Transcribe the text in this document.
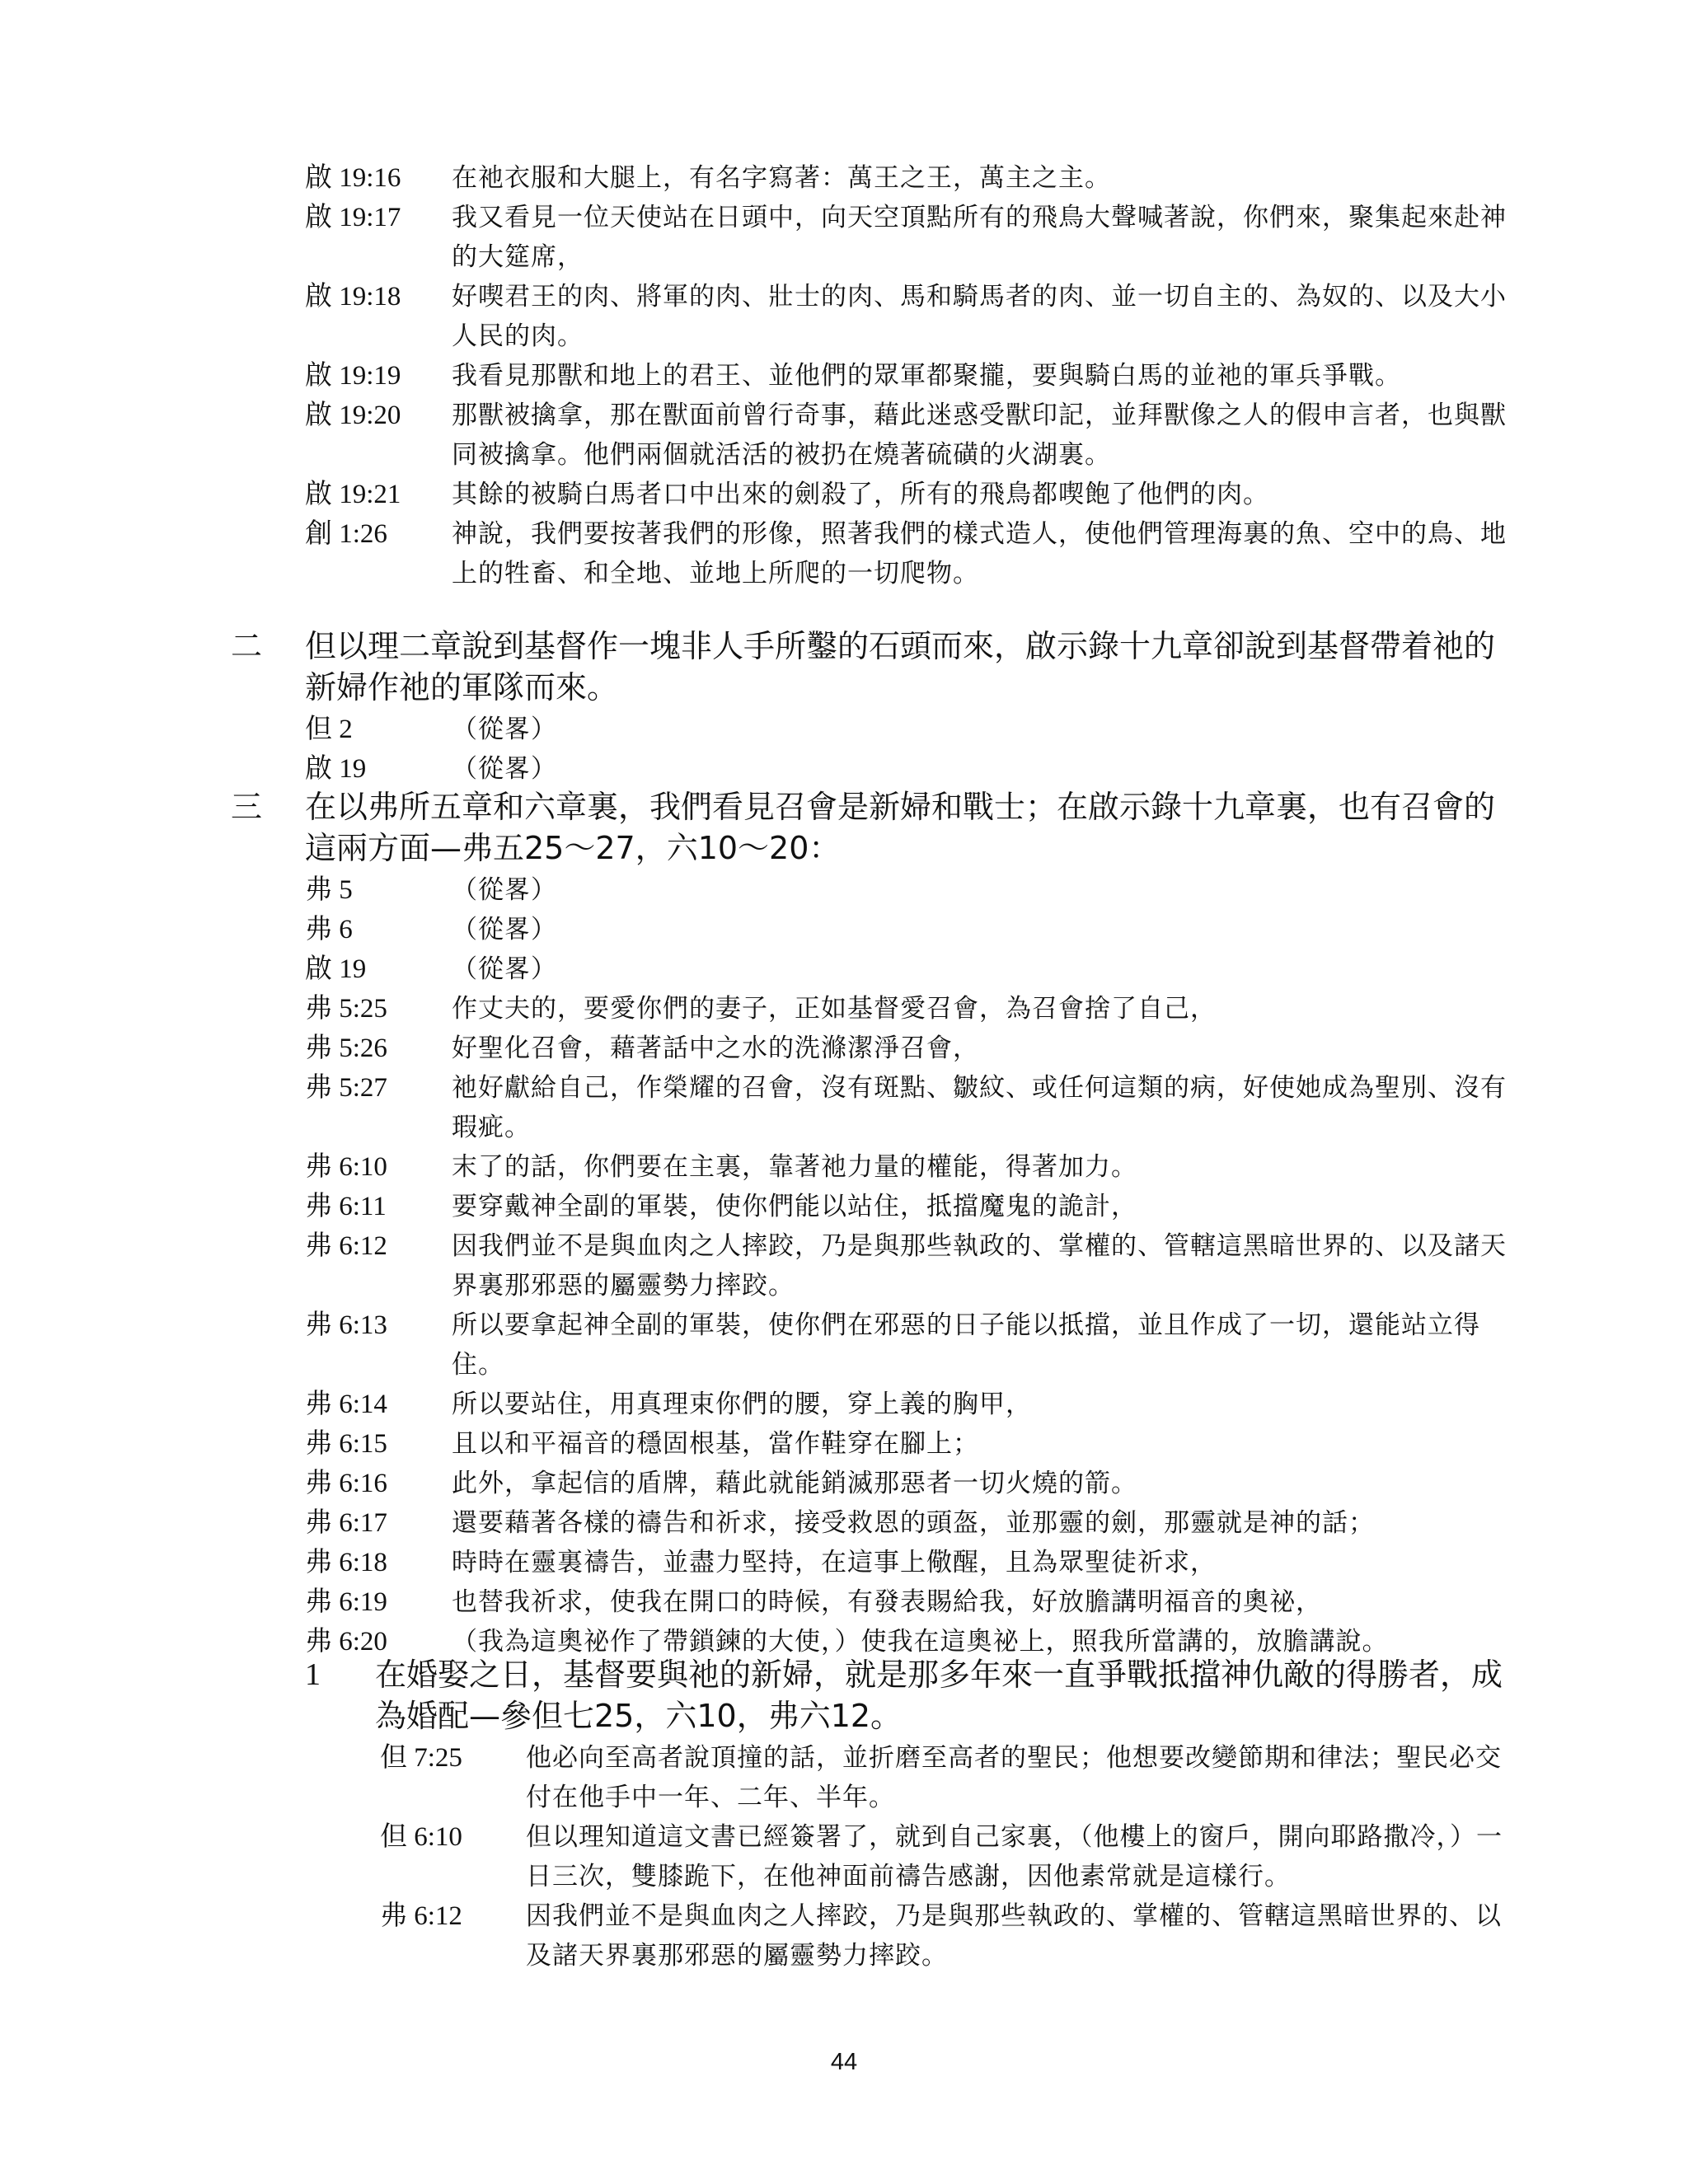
啟 19:16 在祂衣服和大腿上，有名字寫著：萬王之王，萬主之主。
啟 19:17 我又看見一位天使站在日頭中，向天空頂點所有的飛鳥大聲喊著說，你們來，聚集起來赴神的大筵席，
啟 19:18 好喫君王的肉、將軍的肉、壯士的肉、馬和騎馬者的肉、並一切自主的、為奴的、以及大小人民的肉。
啟 19:19 我看見那獸和地上的君王、並他們的眾軍都聚攏，要與騎白馬的並祂的軍兵爭戰。
啟 19:20 那獸被擒拿，那在獸面前曾行奇事，藉此迷惑受獸印記，並拜獸像之人的假申言者，也與獸同被擒拿。他們兩個就活活的被扔在燒著硫磺的火湖裏。
啟 19:21 其餘的被騎白馬者口中出來的劍殺了，所有的飛鳥都喫飽了他們的肉。
創 1:26	神說，我們要按著我們的形像，照著我們的樣式造人，使他們管理海裏的魚、空中的鳥、地上的牲畜、和全地、並地上所爬的一切爬物。
二 但以理二章說到基督作一塊非人手所鑿的石頭而來，啟示錄十九章卻說到基督帶着祂的新婦作祂的軍隊而來。
但 2	（從畧）
啟 19	（從畧）
三 在以弗所五章和六章裏，我們看見召會是新婦和戰士；在啟示錄十九章裏，也有召會的這兩方面—弗五25～27，六10～20：
弗 5	（從畧）
弗 6	（從畧）
啟 19	（從畧）
弗 5:25	作丈夫的，要愛你們的妻子，正如基督愛召會，為召會捨了自己，
弗 5:26	好聖化召會，藉著話中之水的洗滌潔淨召會，
弗 5:27	祂好獻給自己，作榮耀的召會，沒有斑點、皺紋、或任何這類的病，好使她成為聖別、沒有瑕疵。
弗 6:10	末了的話，你們要在主裏，靠著祂力量的權能，得著加力。
弗 6:11	要穿戴神全副的軍裝，使你們能以站住，抵擋魔鬼的詭計，
弗 6:12	因我們並不是與血肉之人摔跤，乃是與那些執政的、掌權的、管轄這黑暗世界的、以及諸天界裏那邪惡的屬靈勢力摔跤。
弗 6:13	所以要拿起神全副的軍裝，使你們在邪惡的日子能以抵擋，並且作成了一切，還能站立得住。
弗 6:14	所以要站住，用真理束你們的腰，穿上義的胸甲，
弗 6:15	且以和平福音的穩固根基，當作鞋穿在腳上；
弗 6:16	此外，拿起信的盾牌，藉此就能銷滅那惡者一切火燒的箭。
弗 6:17	還要藉著各樣的禱告和祈求，接受救恩的頭盔，並那靈的劍，那靈就是神的話；
弗 6:18	時時在靈裏禱告，並盡力堅持，在這事上儆醒，且為眾聖徒祈求，
弗 6:19	也替我祈求，使我在開口的時候，有發表賜給我，好放膽講明福音的奧祕，
弗 6:20	（我為這奧祕作了帶鎖鍊的大使，）使我在這奧祕上，照我所當講的，放膽講說。
1 在婚娶之日，基督要與祂的新婦，就是那多年來一直爭戰抵擋神仇敵的得勝者，成為婚配—參但七25，六10，弗六12。
但 7:25 他必向至高者說頂撞的話，並折磨至高者的聖民；他想要改變節期和律法；聖民必交付在他手中一年、二年、半年。
但 6:10 但以理知道這文書已經簽署了，就到自己家裏，（他樓上的窗戶，開向耶路撒冷，）一日三次，雙膝跪下，在他神面前禱告感謝，因他素常就是這樣行。
弗 6:12 因我們並不是與血肉之人摔跤，乃是與那些執政的、掌權的、管轄這黑暗世界的、以及諸天界裏那邪惡的屬靈勢力摔跤。
44
